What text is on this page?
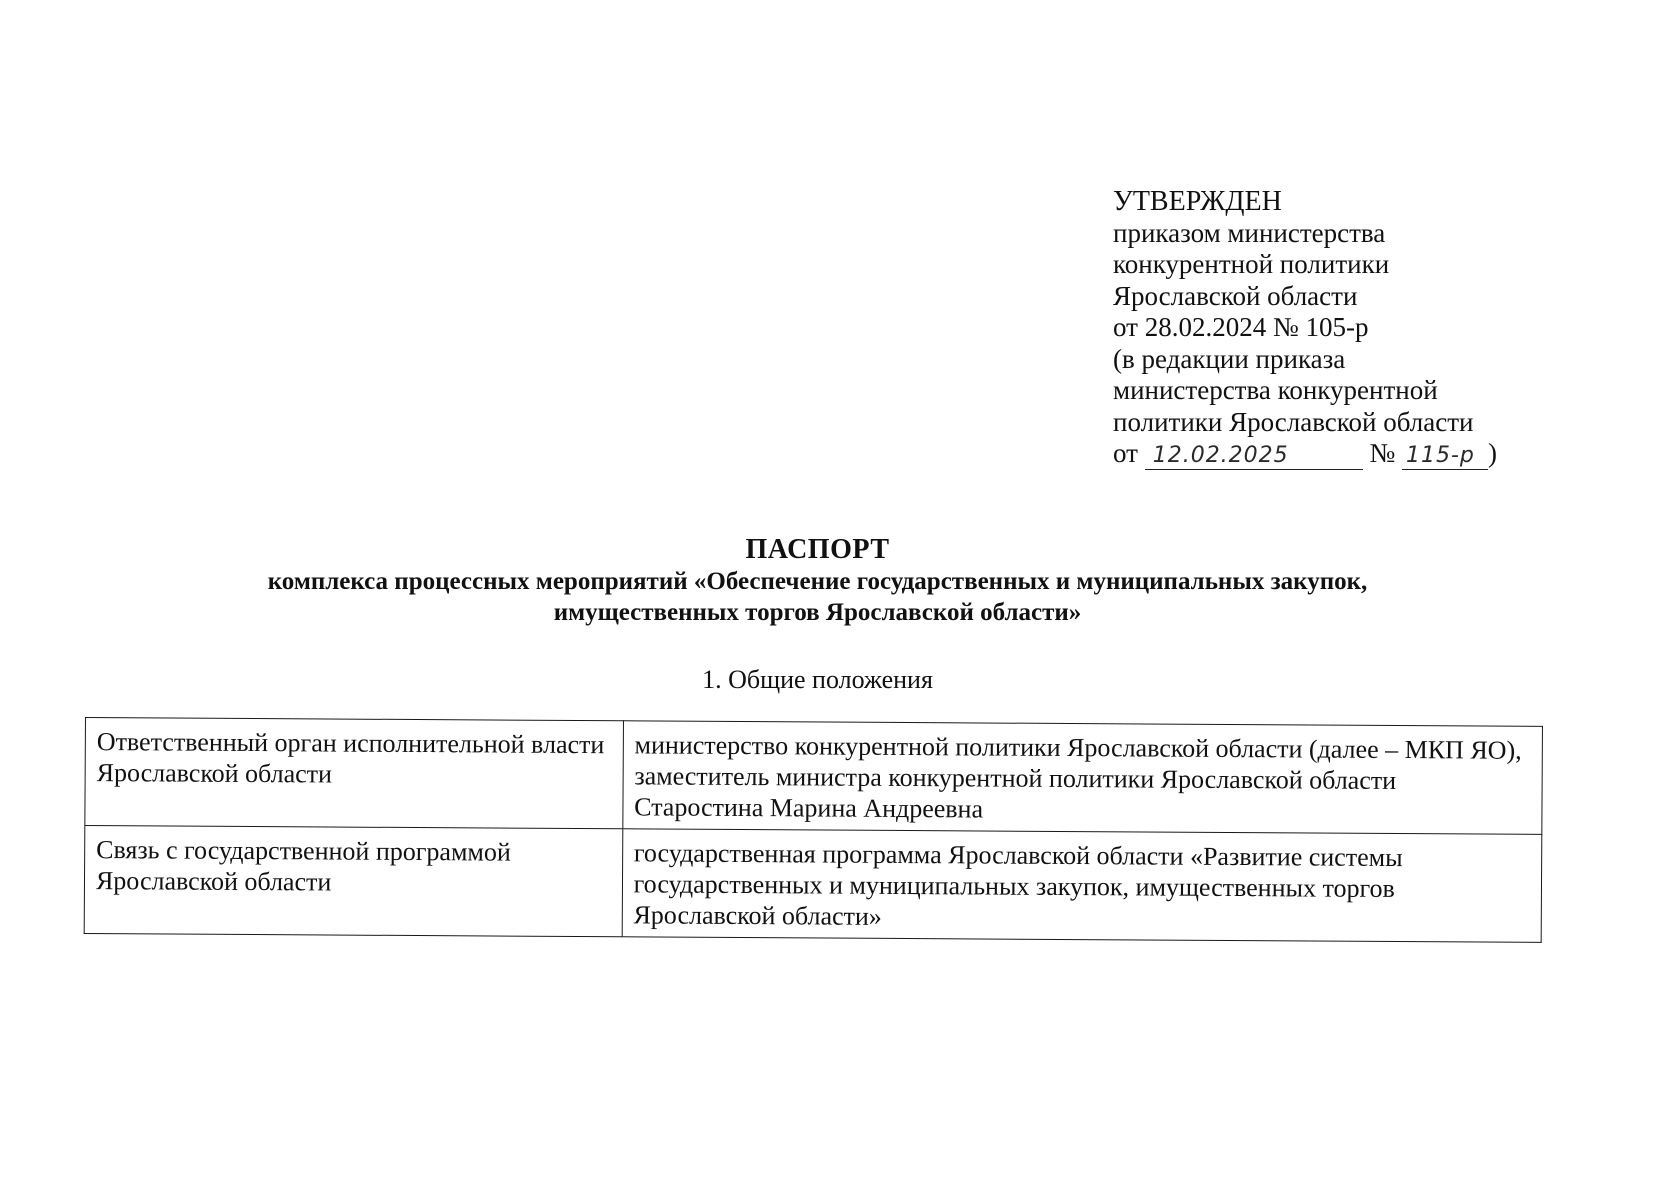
УТВЕРЖДЕН
приказом министерства
конкурентной политики
Ярославской области
от 28.02.2024 № 105-р
(в редакции приказа
министерства конкурентной
политики Ярославской области
от 12.02.2025	№ 115-р )
ПАСПОРТ
комплекса процессных мероприятий «Обеспечение государственных и муниципальных закупок,
имущественных торгов Ярославской области»
1. Общие положения
Ответственный орган исполнительной власти Ярославской области	министерство конкурентной политики Ярославской области (далее – МКП ЯО), заместитель министра конкурентной политики Ярославской области Старостина Марина Андреевна
Связь с государственной программой Ярославской области	государственная программа Ярославской области «Развитие системы государственных и муниципальных закупок, имущественных торгов Ярославской области»
